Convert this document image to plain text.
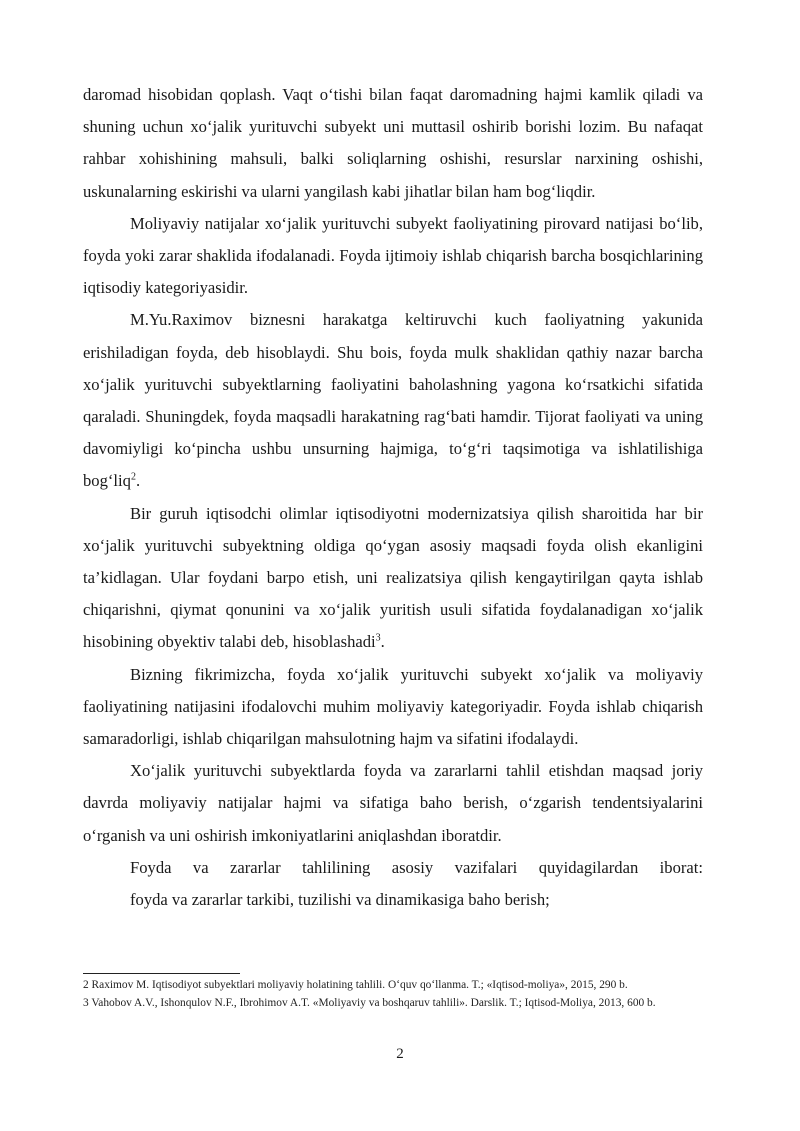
daromad hisobidan qoplash. Vaqt o‘tishi bilan faqat daromadning hajmi kamlik qiladi va shuning uchun xo‘jalik yurituvchi subyekt uni muttasil oshirib borishi lozim. Bu nafaqat rahbar xohishining mahsuli, balki soliqlarning oshishi, resurslar narxining oshishi, uskunalarning eskirishi va ularni yangilash kabi jihatlar bilan ham bog‘liqdir.

Moliyaviy natijalar xo‘jalik yurituvchi subyekt faoliyatining pirovard natijasi bo‘lib, foyda yoki zarar shaklida ifodalanadi. Foyda ijtimoiy ishlab chiqarish barcha bosqichlarining iqtisodiy kategoriyasidir.

M.Yu.Raximov biznesni harakatga keltiruvchi kuch faoliyatning yakunida erishiladigan foyda, deb hisoblaydi. Shu bois, foyda mulk shaklidan qathiy nazar barcha xo‘jalik yurituvchi subyektlarning faoliyatini baholashning yagona ko‘rsatkichi sifatida qaraladi. Shuningdek, foyda maqsadli harakatning rag‘bati hamdir. Tijorat faoliyati va uning davomiyligi ko‘pincha ushbu unsurning hajmiga, to‘g‘ri taqsimotiga va ishlatilishiga bog‘liq$^2$.

Bir guruh iqtisodchi olimlar iqtisodiyotni modernizatsiya qilish sharoitida har bir xo‘jalik yurituvchi subyektning oldiga qo‘ygan asosiy maqsadi foyda olish ekanligini ta’kidlagan. Ular foydani barpo etish, uni realizatsiya qilish kengaytirilgan qayta ishlab chiqarishni, qiymat qonunini va xo‘jalik yuritish usuli sifatida foydalanadigan xo‘jalik hisobining obyektiv talabi deb, hisoblashadi$^3$.

Bizning fikrimizcha, foyda xo‘jalik yurituvchi subyekt xo‘jalik va moliyaviy faoliyatining natijasini ifodalovchi muhim moliyaviy kategoriyadir. Foyda ishlab chiqarish samaradorligi, ishlab chiqarilgan mahsulotning hajm va sifatini ifodalaydi.

Xo‘jalik yurituvchi subyektlarda foyda va zararlarni tahlil etishdan maqsad joriy davrda moliyaviy natijalar hajmi va sifatiga baho berish, o‘zgarish tendentsiyalarini o‘rganish va uni oshirish imkoniyatlarini aniqlashdan iboratdir.

Foyda va zararlar tahlilining asosiy vazifalari quyidagilardan iborat:

foyda va zararlar tarkibi, tuzilishi va dinamikasiga baho berish;

2 Raximov M. Iqtisodiyot subyektlari moliyaviy holatining tahlili. O‘quv qo‘llanma. T.; «Iqtisod-moliya», 2015, 290 b.

3 Vahobov A.V., Ishonqulov N.F., Ibrohimov A.T. «Moliyaviy va boshqaruv tahlili». Darslik. T.; Iqtisod-Moliya, 2013, 600 b.

2
